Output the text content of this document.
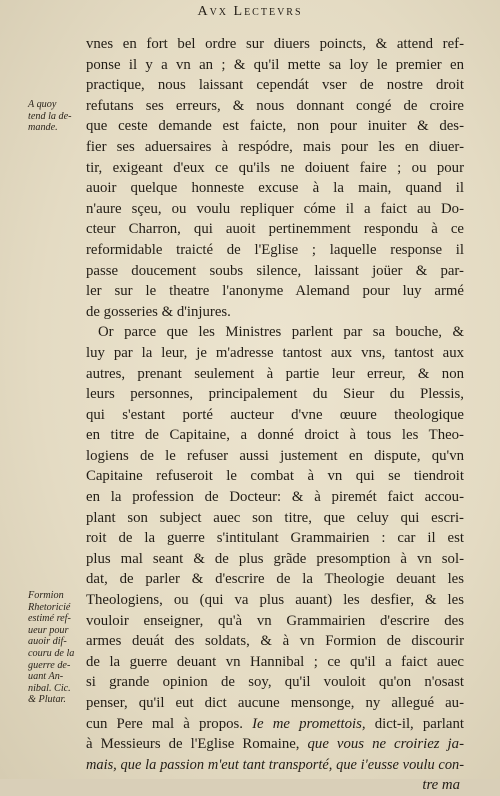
Avx Lectevrs
A quoy
tend la de-
mande.
Formion
Rhetoricié
estimé ref-
ueur pour
auoir dif-
couru de la
guerre de-
uant An-
nibal. Cic.
& Plutar.
vnes en fort bel ordre sur diuers poincts, & attend ref-
ponse il y a vn an ; & qu'il mette sa loy le premier en
practique, nous laissant cependát vser de nostre droit
refutans ses erreurs, & nous donnant congé de croire
que ceste demande est faicte, non pour inuiter & des-
fier ses aduersaires à respódre, mais pour les en diuer-
tir, exigeant d'eux ce qu'ils ne doiuent faire ; ou pour
auoir quelque honneste excuse à la main, quand il
n'aure sçeu, ou voulu repliquer cóme il a faict au Do-
cteur Charron, qui auoit pertinemment respondu à ce
reformidable traicté de l'Eglise ; laquelle responsе il
passe doucement soubs silence, laissant joüer & par-
ler sur le theatre l'anonyme Alemand pour luy armé
de gosseries & d'injures.
Or parce que les Ministres parlent par sa bouche, &
luy par la leur, je m'adresse tantost aux vns, tantost aux
autres, prenant seulement à partie leur erreur, & non
leurs personnes, principalement du Sieur du Plessis,
qui s'estant porté aucteur d'vne œuure theologique
en titre de Capitaine, a donné droict à tous les Theo-
logiens de le refuser aussi justement en dispute, qu'vn
Capitaine refuseroit le combat à vn qui se tiendroit
en la profession de Docteur: & à piremét faict accou-
plant son subject auec son titre, que celuy qui escri-
roit de la guerre s'intitulant Grammairien : car il est
plus mal seant & de plus grãde presomption à vn sol-
dat, de parler & d'escrire de la Theologie deuant les
Theologiens, ou (qui va plus auant) les desfier, & les
vouloir enseigner, qu'à vn Grammairien d'escrire des
armes deuát des soldats, & à vn Formion de discourir
de la guerre deuant vn Hannibal ; ce qu'il a faict auec
si grande opinion de soy, qu'il vouloit qu'on n'osast
penser, qu'il eut dict aucune mensonge, ny allegué au-
cun Pere mal à propos. Ie me promettois, dict-il, parlant
à Messieurs de l'Eglise Romaine, que vous ne croiriez ja-
mais, que la passion m'eut tant transporté, que i'eusse voulu con-
tre ma
